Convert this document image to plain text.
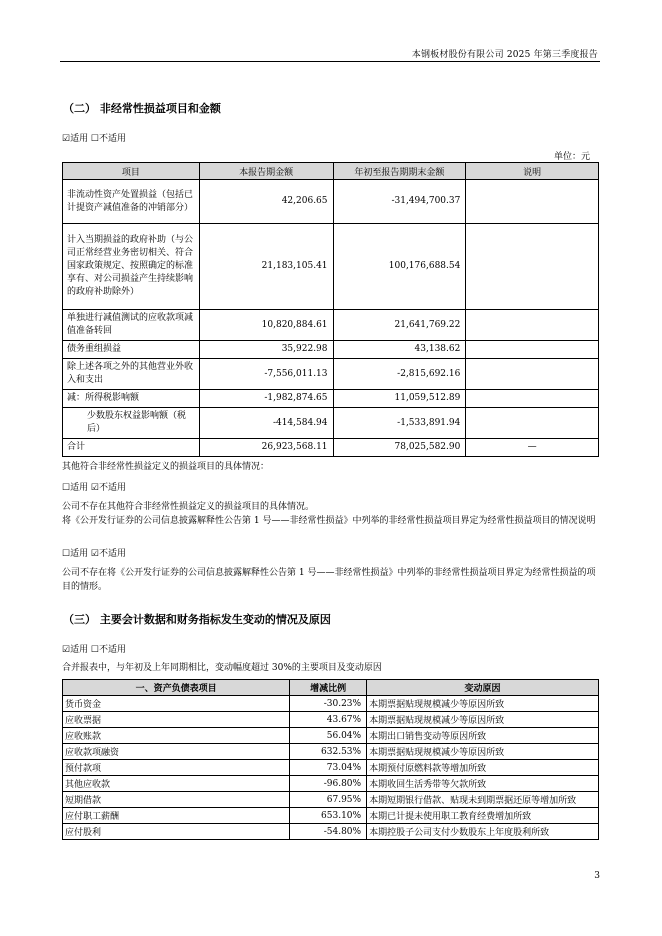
本钢板材股份有限公司 2025 年第三季度报告
（二） 非经常性损益项目和金额
☑适用 ☐不适用
单位：元
项目	本报告期金额	年初至报告期期末金额	说明
非流动性资产处置损益（包括已计提资产减值准备的冲销部分）	42,206.65	-31,494,700.37	
计入当期损益的政府补助（与公司正常经营业务密切相关、符合国家政策规定、按照确定的标准享有、对公司损益产生持续影响的政府补助除外）	21,183,105.41	100,176,688.54	
单独进行减值测试的应收款项减值准备转回	10,820,884.61	21,641,769.22	
债务重组损益	35,922.98	43,138.62	
除上述各项之外的其他营业外收入和支出	-7,556,011.13	-2,815,692.16	
减：所得税影响额	-1,982,874.65	11,059,512.89	
少数股东权益影响额（税后）	-414,584.94	-1,533,891.94	
合计	26,923,568.11	78,025,582.90	—
其他符合非经常性损益定义的损益项目的具体情况：
☐适用 ☑不适用
公司不存在其他符合非经常性损益定义的损益项目的具体情况。
将《公开发行证券的公司信息披露解释性公告第 1 号——非经常性损益》中列举的非经常性损益项目界定为经常性损益项目的情况说明
☐适用 ☑不适用
公司不存在将《公开发行证券的公司信息披露解释性公告第 1 号——非经常性损益》中列举的非经常性损益项目界定为经常性损益的项目的情形。
（三） 主要会计数据和财务指标发生变动的情况及原因
☑适用 ☐不适用
合并报表中，与年初及上年同期相比，变动幅度超过 30%的主要项目及变动原因
一、资产负债表项目	增减比例	变动原因
货币资金	-30.23%	本期票据贴现规模减少等原因所致
应收票据	43.67%	本期票据贴现规模减少等原因所致
应收账款	56.04%	本期出口销售变动等原因所致
应收款项融资	632.53%	本期票据贴现规模减少等原因所致
预付款项	73.04%	本期预付原燃料款等增加所致
其他应收款	-96.80%	本期收回生活秀带等欠款所致
短期借款	67.95%	本期短期银行借款、贴现未到期票据还原等增加所致
应付职工薪酬	653.10%	本期已计提未使用职工教育经费增加所致
应付股利	-54.80%	本期控股子公司支付少数股东上年度股利所致
3
